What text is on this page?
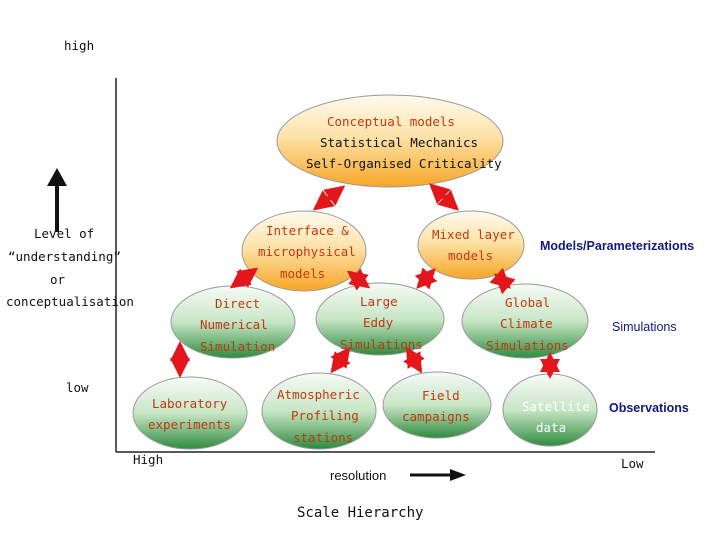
high
low
Level of
“understanding”
or
conceptualisation
High	Low
resolution
Scale Hierarchy
Conceptual models
Statistical Mechanics
Self-Organised Criticality
Interface &
microphysical
models
Mixed layer
models
Direct
Numerical
Simulation
Large
Eddy
Simulations
Global
Climate
Simulations
Laboratory
experiments
Atmospheric
Profiling
stations
Field
campaigns
Satellite
data
Models/Parameterizations
Simulations
Observations
